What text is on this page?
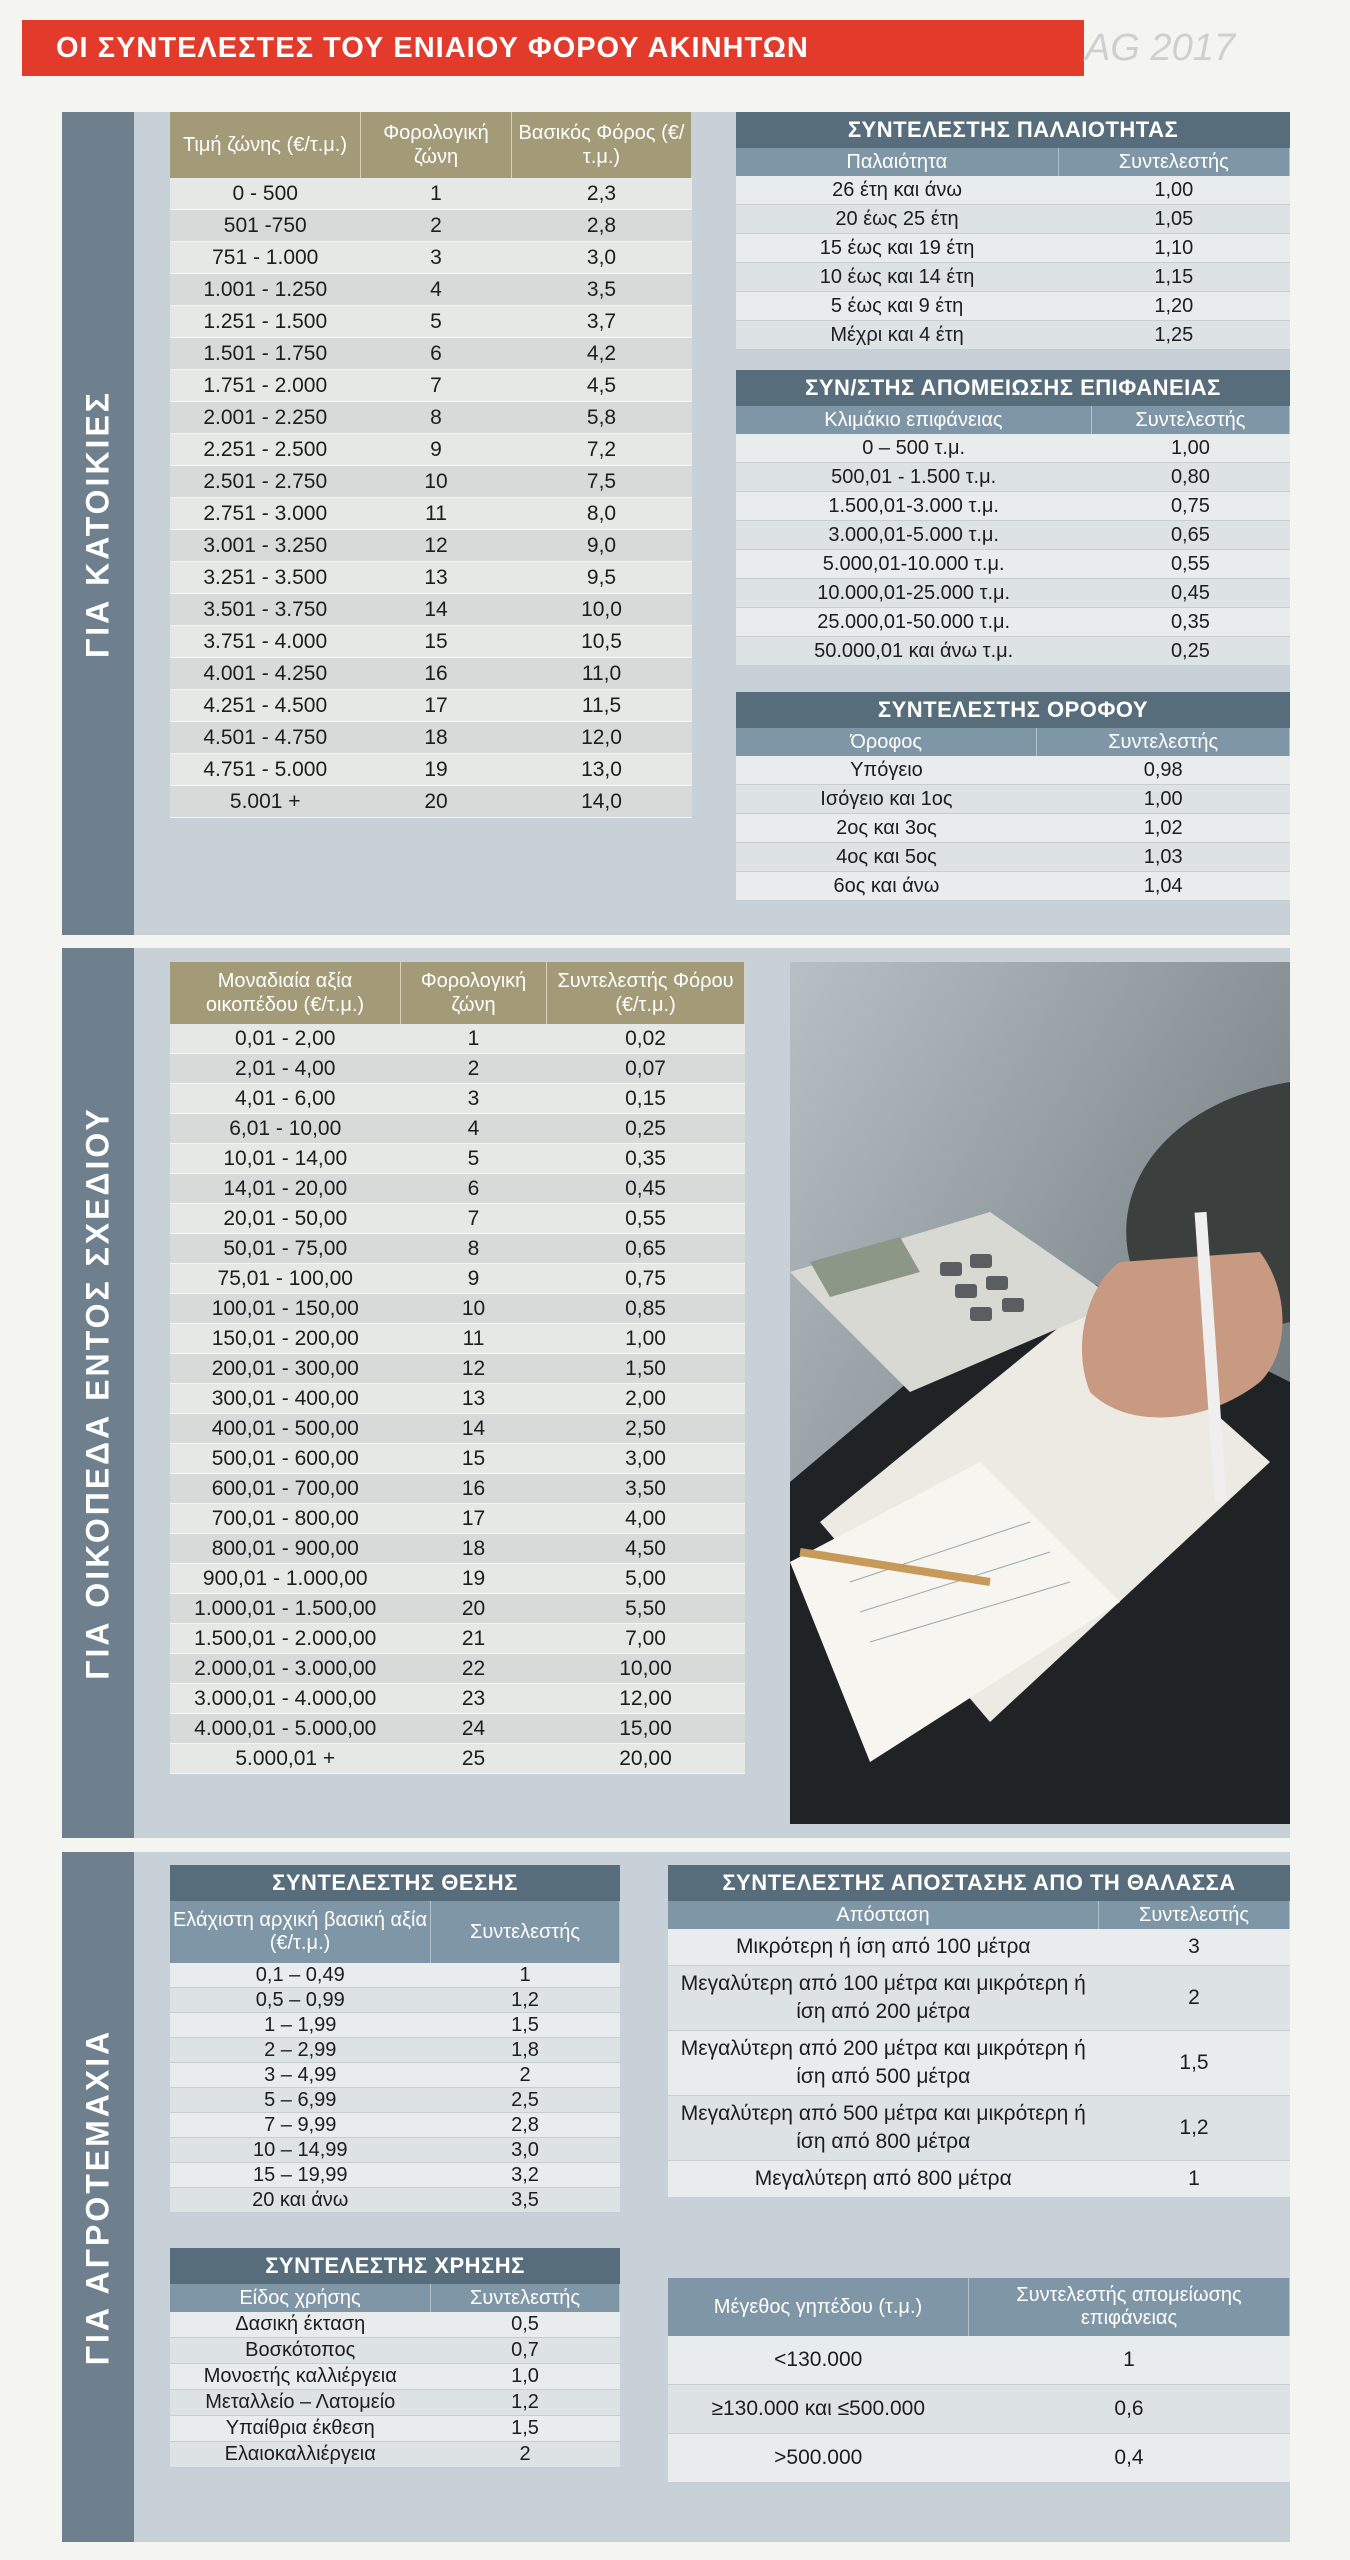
ΟΙ ΣΥΝΤΕΛΕΣΤΕΣ ΤΟΥ ΕΝΙΑΙΟΥ ΦΟΡΟΥ ΑΚΙΝΗΤΩΝ	ΑG 2017
ΓΙΑ ΚΑΤΟΙΚΙΕΣ
Τιμή ζώνης (€/τ.μ.)	Φορολογική ζώνη	Βασικός Φόρος (€/τ.μ.)
0 - 500	1	2,3
501 -750	2	2,8
751 - 1.000	3	3,0
1.001 - 1.250	4	3,5
1.251 - 1.500	5	3,7
1.501 - 1.750	6	4,2
1.751 - 2.000	7	4,5
2.001 - 2.250	8	5,8
2.251 - 2.500	9	7,2
2.501 - 2.750	10	7,5
2.751 - 3.000	11	8,0
3.001 - 3.250	12	9,0
3.251 - 3.500	13	9,5
3.501 - 3.750	14	10,0
3.751 - 4.000	15	10,5
4.001 - 4.250	16	11,0
4.251 - 4.500	17	11,5
4.501 - 4.750	18	12,0
4.751 - 5.000	19	13,0
5.001 +	20	14,0
ΣΥΝΤΕΛΕΣΤΗΣ ΠΑΛΑΙΟΤΗΤΑΣ
Παλαιότητα	Συντελεστής
26 έτη και άνω	1,00
20 έως 25 έτη	1,05
15 έως και 19 έτη	1,10
10 έως και 14 έτη	1,15
5 έως και 9 έτη	1,20
Μέχρι και 4 έτη	1,25
ΣΥΝ/ΣΤΗΣ ΑΠΟΜΕΙΩΣΗΣ ΕΠΙΦΑΝΕΙΑΣ
Κλιμάκιο επιφάνειας	Συντελεστής
0 – 500 τ.μ.	1,00
500,01 - 1.500 τ.μ.	0,80
1.500,01-3.000 τ.μ.	0,75
3.000,01-5.000 τ.μ.	0,65
5.000,01-10.000 τ.μ.	0,55
10.000,01-25.000 τ.μ.	0,45
25.000,01-50.000 τ.μ.	0,35
50.000,01 και άνω τ.μ.	0,25
ΣΥΝΤΕΛΕΣΤΗΣ ΟΡΟΦΟΥ
Όροφος	Συντελεστής
Υπόγειο	0,98
Ισόγειο και 1ος	1,00
2ος και 3ος	1,02
4ος και 5ος	1,03
6ος και άνω	1,04
ΓΙΑ ΟΙΚΟΠΕΔΑ ΕΝΤΟΣ ΣΧΕΔΙΟΥ
Μοναδιαία αξία οικοπέδου (€/τ.μ.)	Φορολογική ζώνη	Συντελεστής Φόρου (€/τ.μ.)
0,01 - 2,00	1	0,02
2,01 - 4,00	2	0,07
4,01 - 6,00	3	0,15
6,01 - 10,00	4	0,25
10,01 - 14,00	5	0,35
14,01 - 20,00	6	0,45
20,01 - 50,00	7	0,55
50,01 - 75,00	8	0,65
75,01 - 100,00	9	0,75
100,01 - 150,00	10	0,85
150,01 - 200,00	11	1,00
200,01 - 300,00	12	1,50
300,01 - 400,00	13	2,00
400,01 - 500,00	14	2,50
500,01 - 600,00	15	3,00
600,01 - 700,00	16	3,50
700,01 - 800,00	17	4,00
800,01 - 900,00	18	4,50
900,01 - 1.000,00	19	5,00
1.000,01 - 1.500,00	20	5,50
1.500,01 - 2.000,00	21	7,00
2.000,01 - 3.000,00	22	10,00
3.000,01 - 4.000,00	23	12,00
4.000,01 - 5.000,00	24	15,00
5.000,01 +	25	20,00
ΓΙΑ ΑΓΡΟΤΕΜΑΧΙΑ
ΣΥΝΤΕΛΕΣΤΗΣ ΘΕΣΗΣ
Ελάχιστη αρχική βασική αξία (€/τ.μ.)	Συντελεστής
0,1 – 0,49	1
0,5 – 0,99	1,2
1 – 1,99	1,5
2 – 2,99	1,8
3 – 4,99	2
5 – 6,99	2,5
7 – 9,99	2,8
10 – 14,99	3,0
15 – 19,99	3,2
20 και άνω	3,5
ΣΥΝΤΕΛΕΣΤΗΣ ΧΡΗΣΗΣ
Είδος χρήσης	Συντελεστής
Δασική έκταση	0,5
Βοσκότοπος	0,7
Μονοετής καλλιέργεια	1,0
Μεταλλείο – Λατομείο	1,2
Υπαίθρια έκθεση	1,5
Ελαιοκαλλιέργεια	2
ΣΥΝΤΕΛΕΣΤΗΣ ΑΠΟΣΤΑΣΗΣ ΑΠΟ ΤΗ ΘΑΛΑΣΣΑ
Απόσταση	Συντελεστής
Μικρότερη ή ίση από 100 μέτρα	3
Μεγαλύτερη από 100 μέτρα και μικρότερη ή ίση από 200 μέτρα	2
Μεγαλύτερη από 200 μέτρα και μικρότερη ή ίση από 500 μέτρα	1,5
Μεγαλύτερη από 500 μέτρα και μικρότερη ή ίση από 800 μέτρα	1,2
Μεγαλύτερη από 800 μέτρα	1
Μέγεθος γηπέδου (τ.μ.)	Συντελεστής απομείωσης επιφάνειας
<130.000	1
≥130.000 και ≤500.000	0,6
>500.000	0,4
